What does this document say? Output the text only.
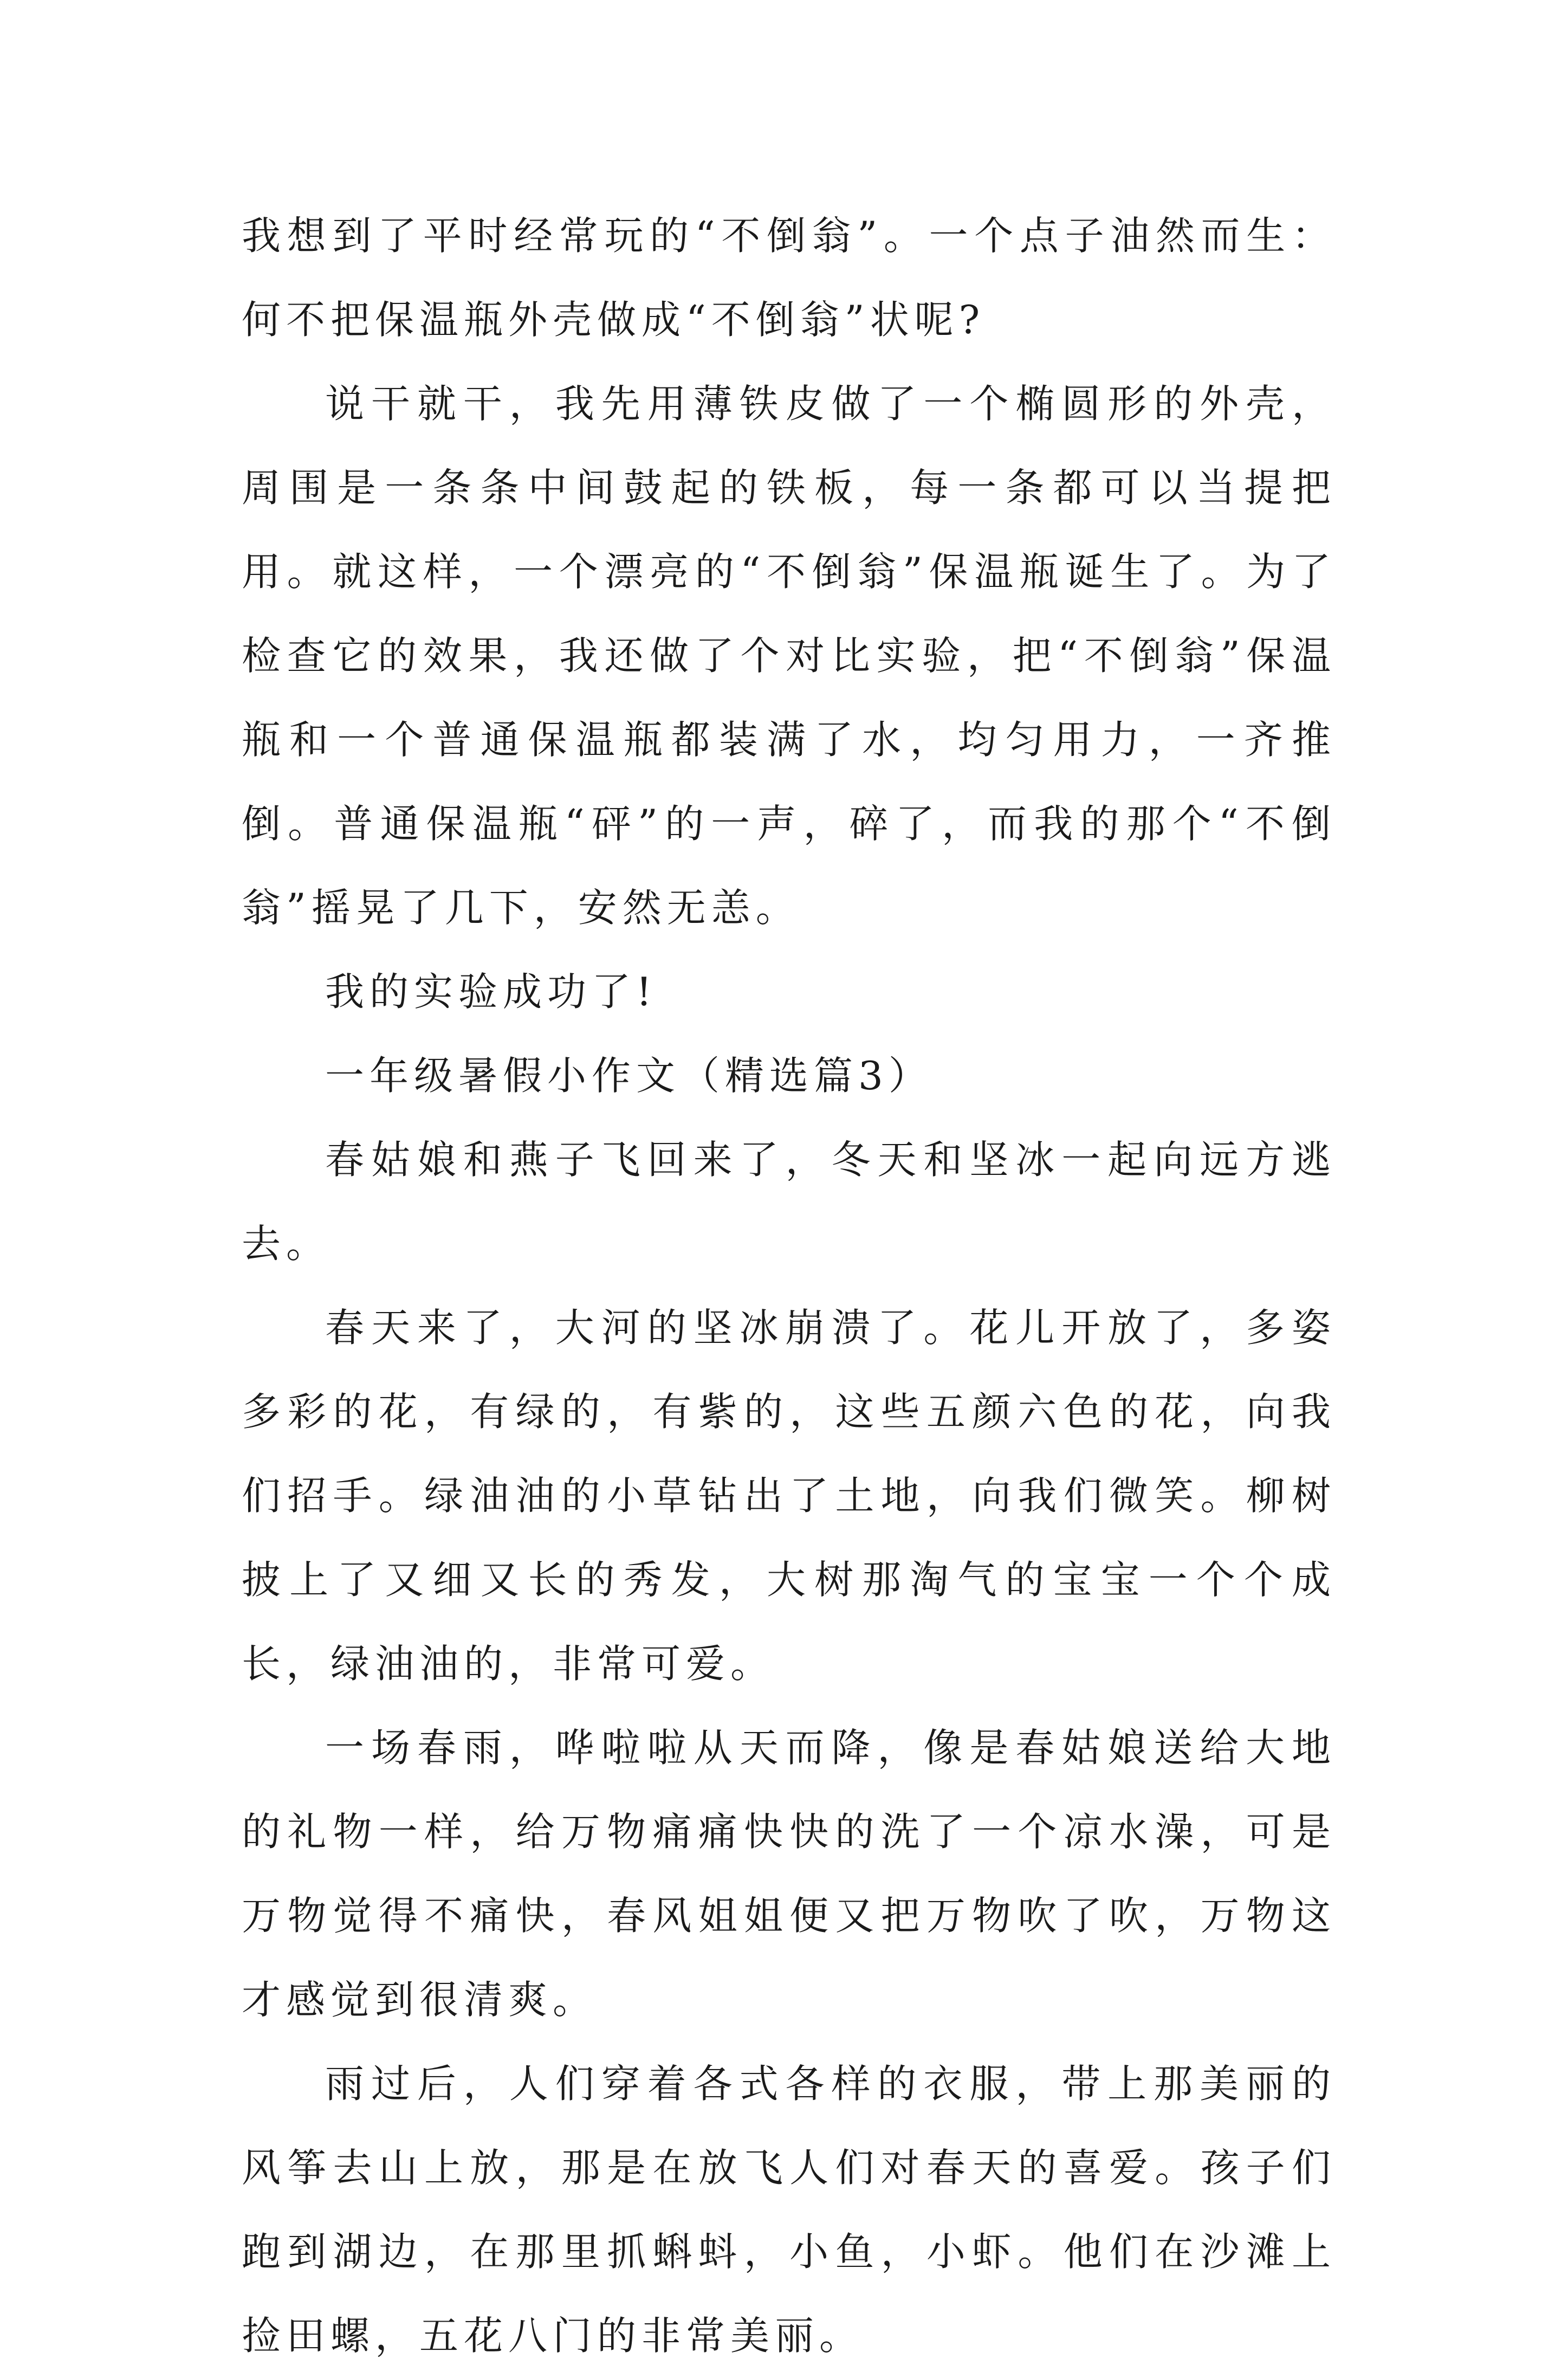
我想到了平时经常玩的“不倒翁”。一个点子油然而生：何不把保温瓶外壳做成“不倒翁”状呢?

说干就干，我先用薄铁皮做了一个椭圆形的外壳，周围是一条条中间鼓起的铁板，每一条都可以当提把用。就这样，一个漂亮的“不倒翁”保温瓶诞生了。为了检查它的效果，我还做了个对比实验，把“不倒翁”保温瓶和一个普通保温瓶都装满了水，均匀用力，一齐推倒。普通保温瓶“砰”的一声，碎了，而我的那个“不倒翁”摇晃了几下，安然无恙。

我的实验成功了!

一年级暑假小作文（精选篇3）

春姑娘和燕子飞回来了，冬天和坚冰一起向远方逃去。

春天来了，大河的坚冰崩溃了。花儿开放了，多姿多彩的花，有绿的，有紫的，这些五颜六色的花，向我们招手。绿油油的小草钻出了土地，向我们微笑。柳树披上了又细又长的秀发，大树那淘气的宝宝一个个成长，绿油油的，非常可爱。

一场春雨，哗啦啦从天而降，像是春姑娘送给大地的礼物一样，给万物痛痛快快的洗了一个凉水澡，可是万物觉得不痛快，春风姐姐便又把万物吹了吹，万物这才感觉到很清爽。

雨过后，人们穿着各式各样的衣服，带上那美丽的风筝去山上放，那是在放飞人们对春天的喜爱。孩子们跑到湖边，在那里抓蝌蚪，小鱼，小虾。他们在沙滩上捡田螺，五花八门的非常美丽。
